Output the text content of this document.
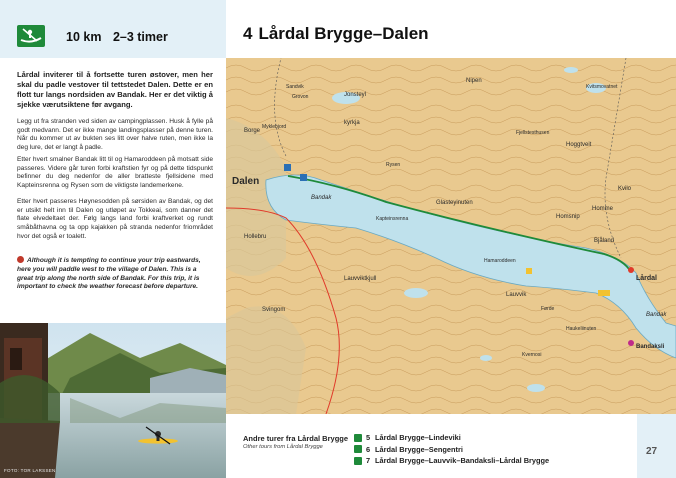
10 km 2–3 timer

Lårdal inviterer til å fortsette turen østover, men her skal du padle vestover til tettstedet Dalen. Dette er en flott tur langs nordsiden av Bandak. Her er det viktig å sjekke værutsiktene før avgang.

Legg ut fra stranden ved siden av campingplassen. Husk å fylle på godt medvann. Det er ikke mange landingsplasser på denne turen. Når du kommer ut av bukten ses litt over halve ruten, men ikke la deg lure, det er langt å padle.

Etter hvert smalner Bandak litt til og Hamaroddeen på motsatt side passeres. Videre går turen forbi kraftstien fyr og på dette tidspunkt befinner du deg nedenfor de aller bratteste fjellsidene med Kapteinsrenna og Rysen som de viktigste landemerkene.

Etter hvert passeres Høynesodden på sørsiden av Bandak, og det er utsikt helt inn til Dalen og utløpet av Tokkeai, som danner det flate elvedeltaet der. Følg langs land forbi kraftverket og rundt småbåthavna og ta opp kajakken på stranda nedenfor friområdet hvor det også er toalett.

Although it is tempting to continue your trip eastwards, here you will paddle west to the village of Dalen. This is a great trip along the north side of Bandak. For this trip, it is important to check the weather forecast before departure.

FOTO: TOR LARSSEN
4 Lårdal Brygge–Dalen
Dalen
Bandak
Bandak
Lårdal
Bandaksli
Lauvvik
Glasteyinuten
Homsnip
Nipen
Jonsteyl
kyrkja
Kvitsmovatnet
Hollebru
Svingom
Lauvviktkjull
Fjellstesthusen
Hoggtveit
Homme
Kvilo
Bjåland
Sandvik
Myklebjord
Borge
Grovon
Rysen
Hamaroddeen
Førde
Kvernosi
Haukeliinuten
Kapteinsrenna
Andre turer fra Lårdal Brygge
Other tours from Lårdal Brygge
5 Lårdal Brygge–Lindeviki
6 Lårdal Brygge–Sengentri
7 Lårdal Brygge–Lauvvik–Bandaksli–Lårdal Brygge
27
